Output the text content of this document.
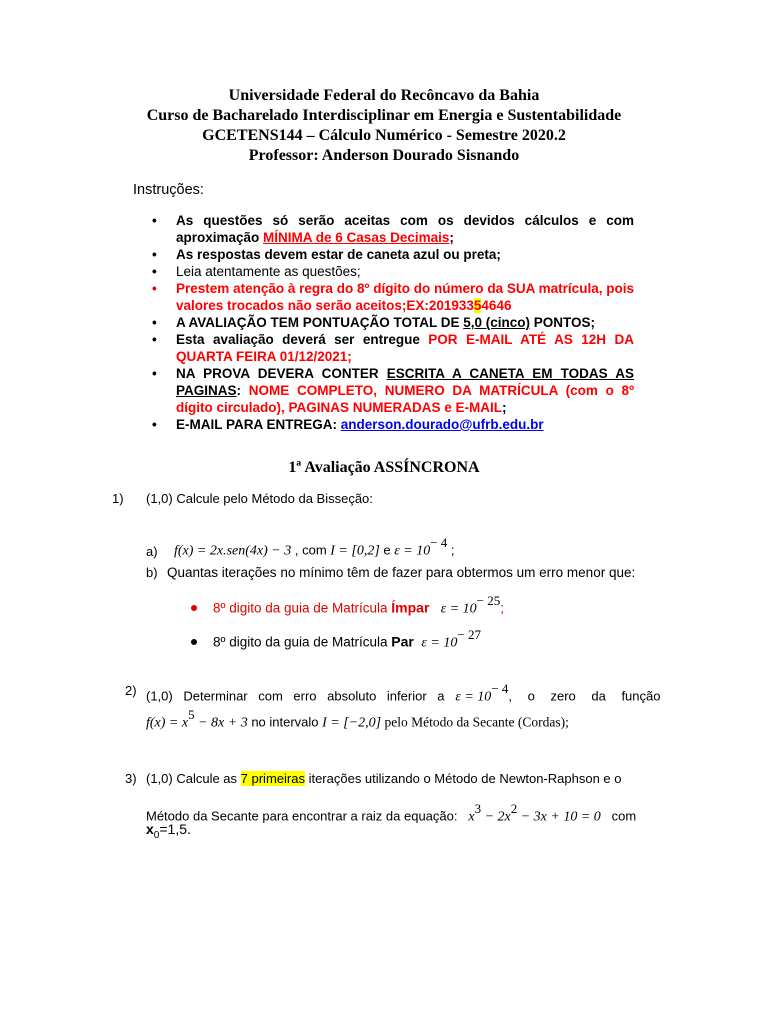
Universidade Federal do Recôncavo da Bahia
Curso de Bacharelado Interdisciplinar em Energia e Sustentabilidade
GCETENS144 – Cálculo Numérico - Semestre 2020.2
Professor: Anderson Dourado Sisnando
Instruções:
• As questões só serão aceitas com os devidos cálculos e com aproximação MÍNIMA de 6 Casas Decimais;
• As respostas devem estar de caneta azul ou preta;
• Leia atentamente as questões;
• Prestem atenção à regra do 8º dígito do número da SUA matrícula, pois valores trocados não serão aceitos;EX:20193354646
• A AVALIAÇÃO TEM PONTUAÇÃO TOTAL DE 5,0 (cinco) PONTOS;
• Esta avaliação deverá ser entregue POR E-MAIL ATÉ AS 12H DA QUARTA FEIRA 01/12/2021;
• NA PROVA DEVERA CONTER ESCRITA A CANETA EM TODAS AS PAGINAS: NOME COMPLETO, NUMERO DA MATRÍCULA (com o 8º dígito circulado), PAGINAS NUMERADAS e E-MAIL;
• E-MAIL PARA ENTREGA: anderson.dourado@ufrb.edu.br
1ª Avaliação ASSÍNCRONA
1) (1,0) Calcule pelo Método da Bisseção:
a) f(x) = 2x.sen(4x) − 3 , com I = [0,2] e $\varepsilon = 10^{- 4}$ ;
b) Quantas iterações no mínimo têm de fazer para obtermos um erro menor que:
8º digito da guia de Matrícula Ímpar $\varepsilon = 10^{- 25}$;
8º digito da guia de Matrícula Par $\varepsilon = 10^{- 27}$
2) (1,0) Determinar com erro absoluto inferior a $\varepsilon = 10^{- 4}$, o zero da função
$f(x) = x^5 - 8x + 3$ no intervalo I = [−2,0] pelo Método da Secante (Cordas);
3) (1,0) Calcule as 7 primeiras iterações utilizando o Método de Newton-Raphson e o
Método da Secante para encontrar a raiz da equação: $x^3 - 2x^2 - 3x + 10 = 0$ com
$x_0=1,5$.
